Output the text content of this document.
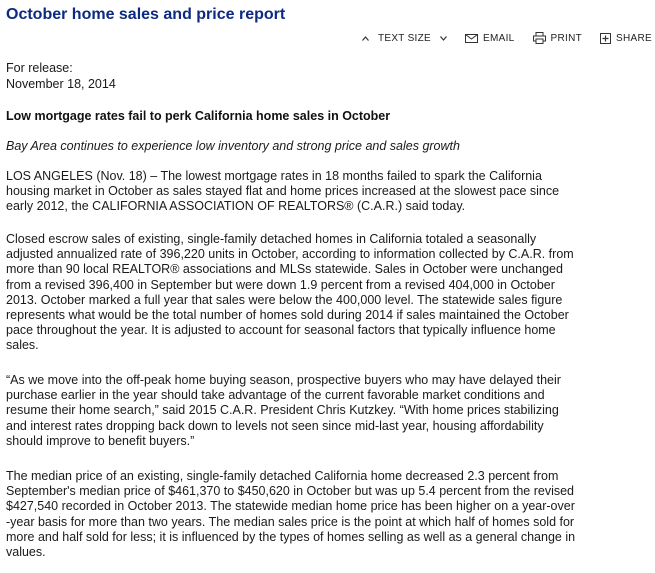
October home sales and price report
TEXT SIZE	EMAIL	PRINT	SHARE

For release:
November 18, 2014

Low mortgage rates fail to perk California home sales in October

Bay Area continues to experience low inventory and strong price and sales growth

LOS ANGELES (Nov. 18) – The lowest mortgage rates in 18 months failed to spark the California
housing market in October as sales stayed flat and home prices increased at the slowest pace since
early 2012, the CALIFORNIA ASSOCIATION OF REALTORS® (C.A.R.) said today.

Closed escrow sales of existing, single-family detached homes in California totaled a seasonally
adjusted annualized rate of 396,220 units in October, according to information collected by C.A.R. from
more than 90 local REALTOR® associations and MLSs statewide. Sales in October were unchanged
from a revised 396,400 in September but were down 1.9 percent from a revised 404,000 in October
2013. October marked a full year that sales were below the 400,000 level. The statewide sales figure
represents what would be the total number of homes sold during 2014 if sales maintained the October
pace throughout the year. It is adjusted to account for seasonal factors that typically influence home
sales.

“As we move into the off-peak home buying season, prospective buyers who may have delayed their
purchase earlier in the year should take advantage of the current favorable market conditions and
resume their home search,” said 2015 C.A.R. President Chris Kutzkey. “With home prices stabilizing
and interest rates dropping back down to levels not seen since mid-last year, housing affordability
should improve to benefit buyers.”

The median price of an existing, single-family detached California home decreased 2.3 percent from
September's median price of $461,370 to $450,620 in October but was up 5.4 percent from the revised
$427,540 recorded in October 2013. The statewide median home price has been higher on a year-over
-year basis for more than two years. The median sales price is the point at which half of homes sold for
more and half sold for less; it is influenced by the types of homes selling as well as a general change in
values.
